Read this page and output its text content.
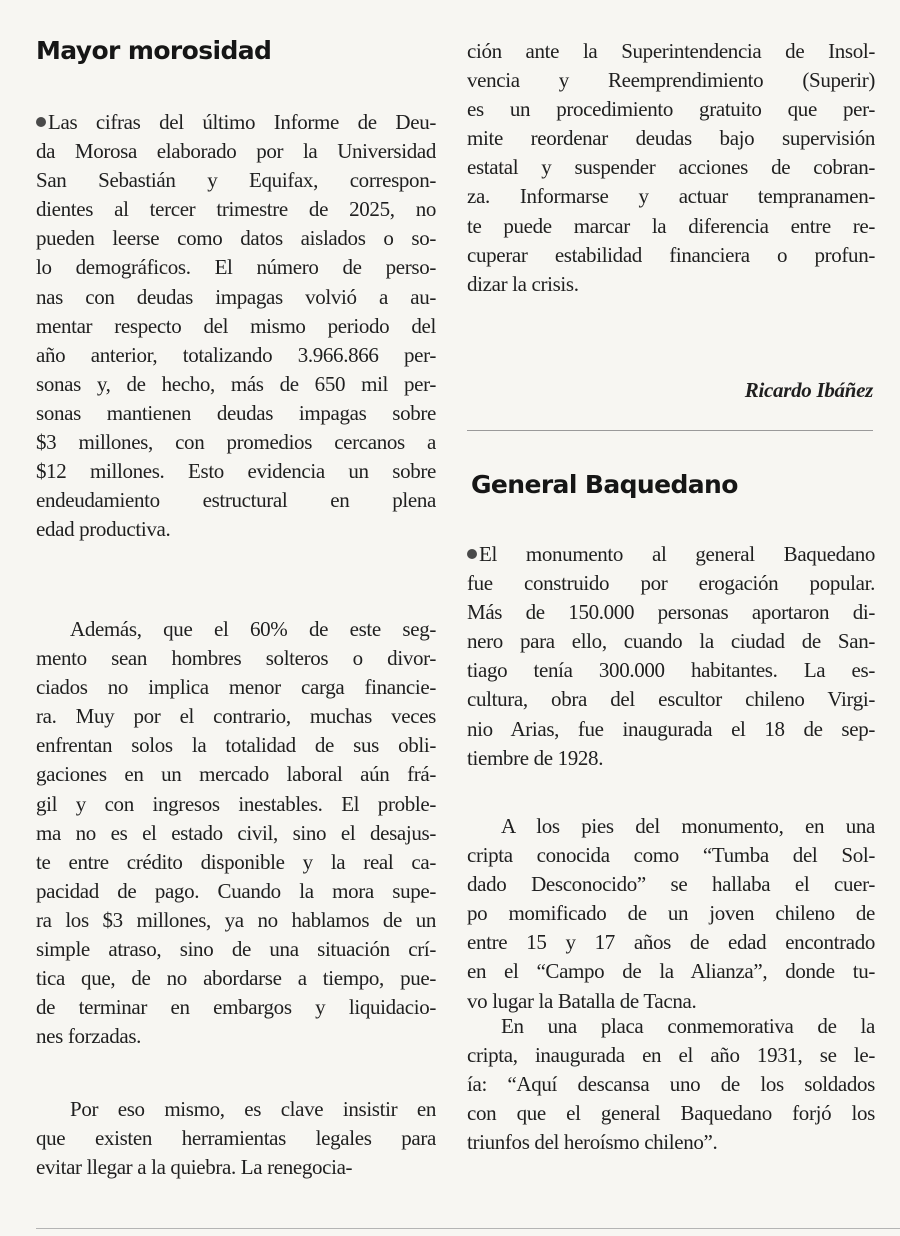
Mayor morosidad
Las cifras del último Informe de Deu-
da Morosa elaborado por la Universidad
San Sebastián y Equifax, correspon-
dientes al tercer trimestre de 2025, no
pueden leerse como datos aislados o so-
lo demográficos. El número de perso-
nas con deudas impagas volvió a au-
mentar respecto del mismo periodo del
año anterior, totalizando 3.966.866 per-
sonas y, de hecho, más de 650 mil per-
sonas mantienen deudas impagas sobre
$3 millones, con promedios cercanos a
$12 millones. Esto evidencia un sobre
endeudamiento estructural en plena
edad productiva.
Además, que el 60% de este seg-
mento sean hombres solteros o divor-
ciados no implica menor carga financie-
ra. Muy por el contrario, muchas veces
enfrentan solos la totalidad de sus obli-
gaciones en un mercado laboral aún frá-
gil y con ingresos inestables. El proble-
ma no es el estado civil, sino el desajus-
te entre crédito disponible y la real ca-
pacidad de pago. Cuando la mora supe-
ra los $3 millones, ya no hablamos de un
simple atraso, sino de una situación crí-
tica que, de no abordarse a tiempo, pue-
de terminar en embargos y liquidacio-
nes forzadas.
Por eso mismo, es clave insistir en
que existen herramientas legales para
evitar llegar a la quiebra. La renegocia-
ción ante la Superintendencia de Insol-
vencia y Reemprendimiento (Superir)
es un procedimiento gratuito que per-
mite reordenar deudas bajo supervisión
estatal y suspender acciones de cobran-
za. Informarse y actuar tempranamen-
te puede marcar la diferencia entre re-
cuperar estabilidad financiera o profun-
dizar la crisis.
Ricardo Ibáñez
General Baquedano
El monumento al general Baquedano
fue construido por erogación popular.
Más de 150.000 personas aportaron di-
nero para ello, cuando la ciudad de San-
tiago tenía 300.000 habitantes. La es-
cultura, obra del escultor chileno Virgi-
nio Arias, fue inaugurada el 18 de sep-
tiembre de 1928.
A los pies del monumento, en una
cripta conocida como “Tumba del Sol-
dado Desconocido” se hallaba el cuer-
po momificado de un joven chileno de
entre 15 y 17 años de edad encontrado
en el “Campo de la Alianza”, donde tu-
vo lugar la Batalla de Tacna.
En una placa conmemorativa de la
cripta, inaugurada en el año 1931, se le-
ía: “Aquí descansa uno de los soldados
con que el general Baquedano forjó los
triunfos del heroísmo chileno”.
